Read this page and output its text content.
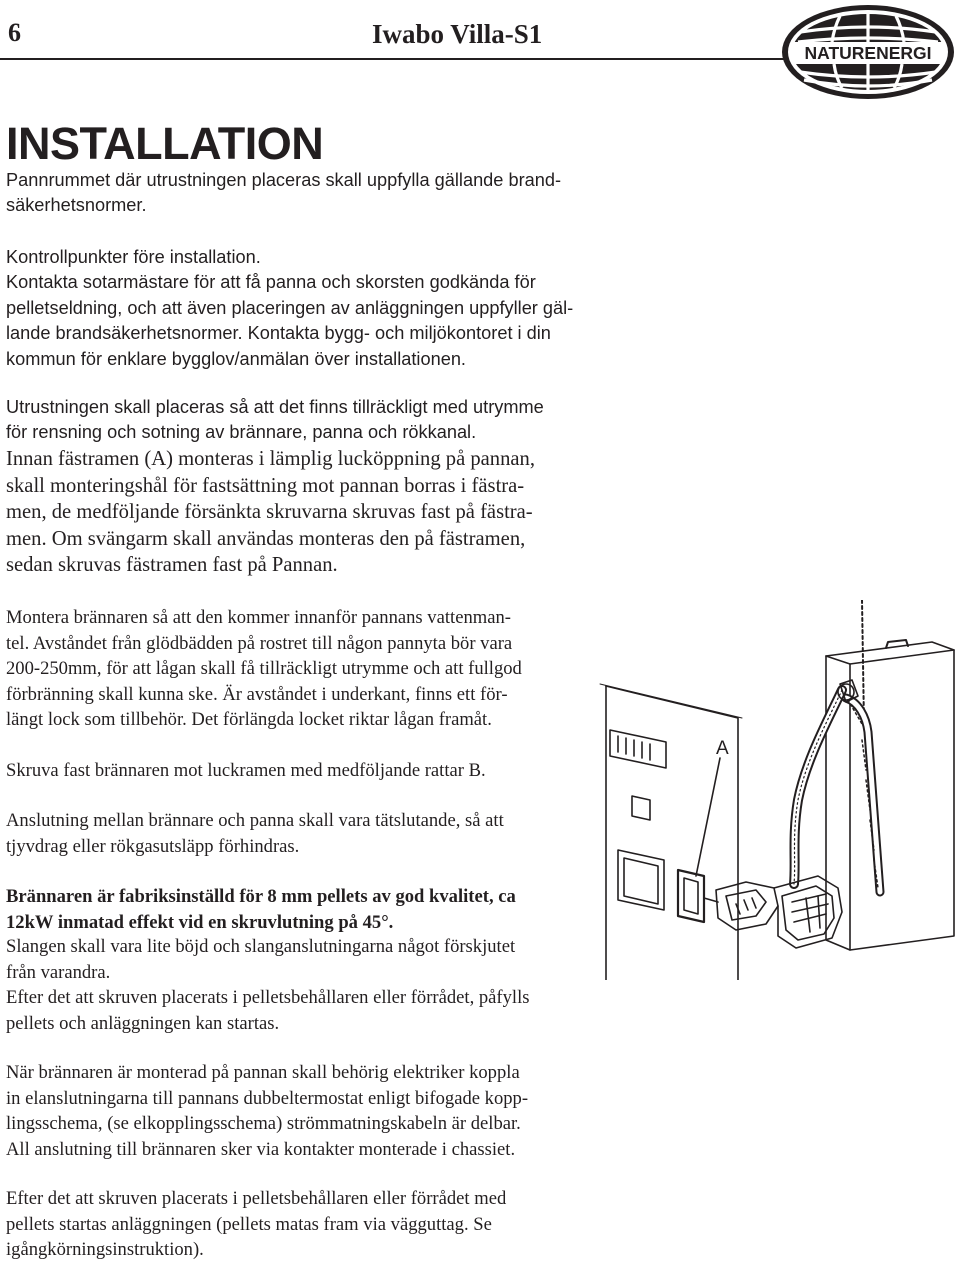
6	Iwabo Villa-S1
NATURENERGI
INSTALLATION
Pannrummet där utrustningen placeras skall uppfylla gällande brand-
säkerhetsnormer.
Kontrollpunkter före installation.
Kontakta sotarmästare för att få panna och skorsten godkända för
pelletseldning, och att även placeringen av anläggningen uppfyller gäl-
lande brandsäkerhetsnormer. Kontakta bygg- och miljökontoret i din
kommun för enklare bygglov/anmälan över installationen.
Utrustningen skall placeras så att det finns tillräckligt med utrymme
för rensning och sotning av brännare, panna och rökkanal.
Innan fästramen (A) monteras i lämplig lucköppning på pannan,
skall monteringshål för fastsättning mot pannan borras i fästra-
men, de medföljande försänkta skruvarna skruvas fast på fästra-
men. Om svängarm skall användas monteras den på fästramen,
sedan skruvas fästramen fast på Pannan.
Montera brännaren så att den kommer innanför pannans vattenman-
tel. Avståndet från glödbädden på rostret till någon pannyta bör vara
200-250mm, för att lågan skall få tillräckligt utrymme och att fullgod
förbränning skall kunna ske. Är avståndet i underkant, finns ett för-
längt lock som tillbehör. Det förlängda locket riktar lågan framåt.
Skruva fast brännaren mot luckramen med medföljande rattar B.
Anslutning mellan brännare och panna skall vara tätslutande, så att
tjyvdrag eller rökgasutsläpp förhindras.
Brännaren är fabriksinställd för 8 mm pellets av god kvalitet, ca
12kW inmatad effekt vid en skruvlutning på 45°.
Slangen skall vara lite böjd och slanganslutningarna något förskjutet
från varandra.
Efter det att skruven placerats i pelletsbehållaren eller förrådet, påfylls
pellets och anläggningen kan startas.
När brännaren är monterad på pannan skall behörig elektriker koppla
in elanslutningarna till pannans dubbeltermostat enligt bifogade kopp-
lingsschema, (se elkopplingsschema) strömmatningskabeln är delbar.
All anslutning till brännaren sker via kontakter monterade i chassiet.
Efter det att skruven placerats i pelletsbehållaren eller förrådet med
pellets startas anläggningen (pellets matas fram via vägguttag. Se
igångkörningsinstruktion).
A
